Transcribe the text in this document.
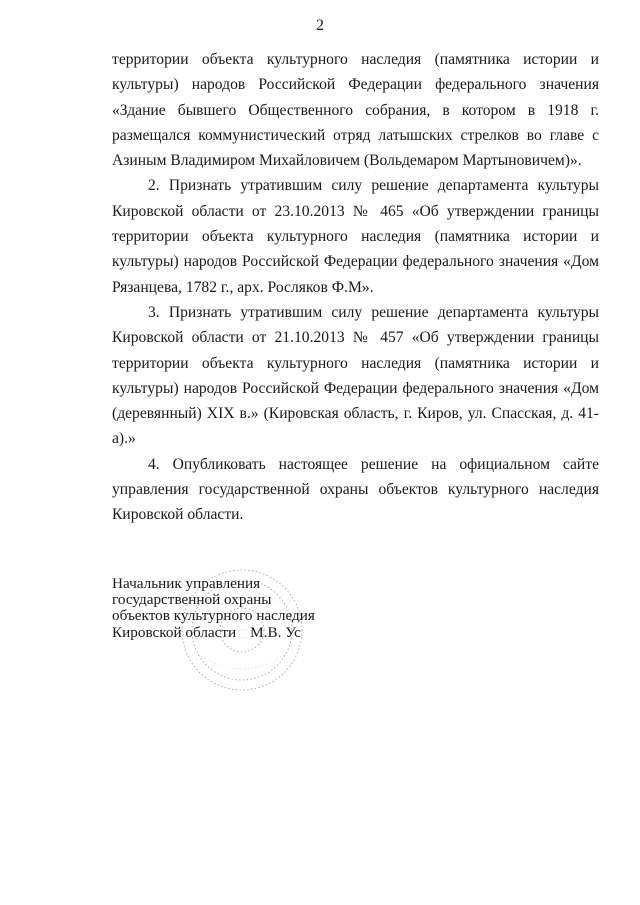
2

территории объекта культурного наследия (памятника истории и культуры) народов Российской Федерации федерального значения «Здание бывшего Общественного собрания, в котором в 1918 г. размещался коммунистический отряд латышских стрелков во главе с Азиным Владимиром Михайловичем (Вольдемаром Мартыновичем)».

2. Признать утратившим силу решение департамента культуры Кировской области от 23.10.2013 № 465 «Об утверждении границы территории объекта культурного наследия (памятника истории и культуры) народов Российской Федерации федерального значения «Дом Рязанцева, 1782 г., арх. Росляков Ф.М».

3. Признать утратившим силу решение департамента культуры Кировской области от 21.10.2013 № 457 «Об утверждении границы территории объекта культурного наследия (памятника истории и культуры) народов Российской Федерации федерального значения «Дом (деревянный) XIX в.» (Кировская область, г. Киров, ул. Спасская, д. 41-а).»

4. Опубликовать настоящее решение на официальном сайте управления государственной охраны объектов культурного наследия Кировской области.

Начальник управления
государственной охраны
объектов культурного наследия
Кировской области М.В. Ус
